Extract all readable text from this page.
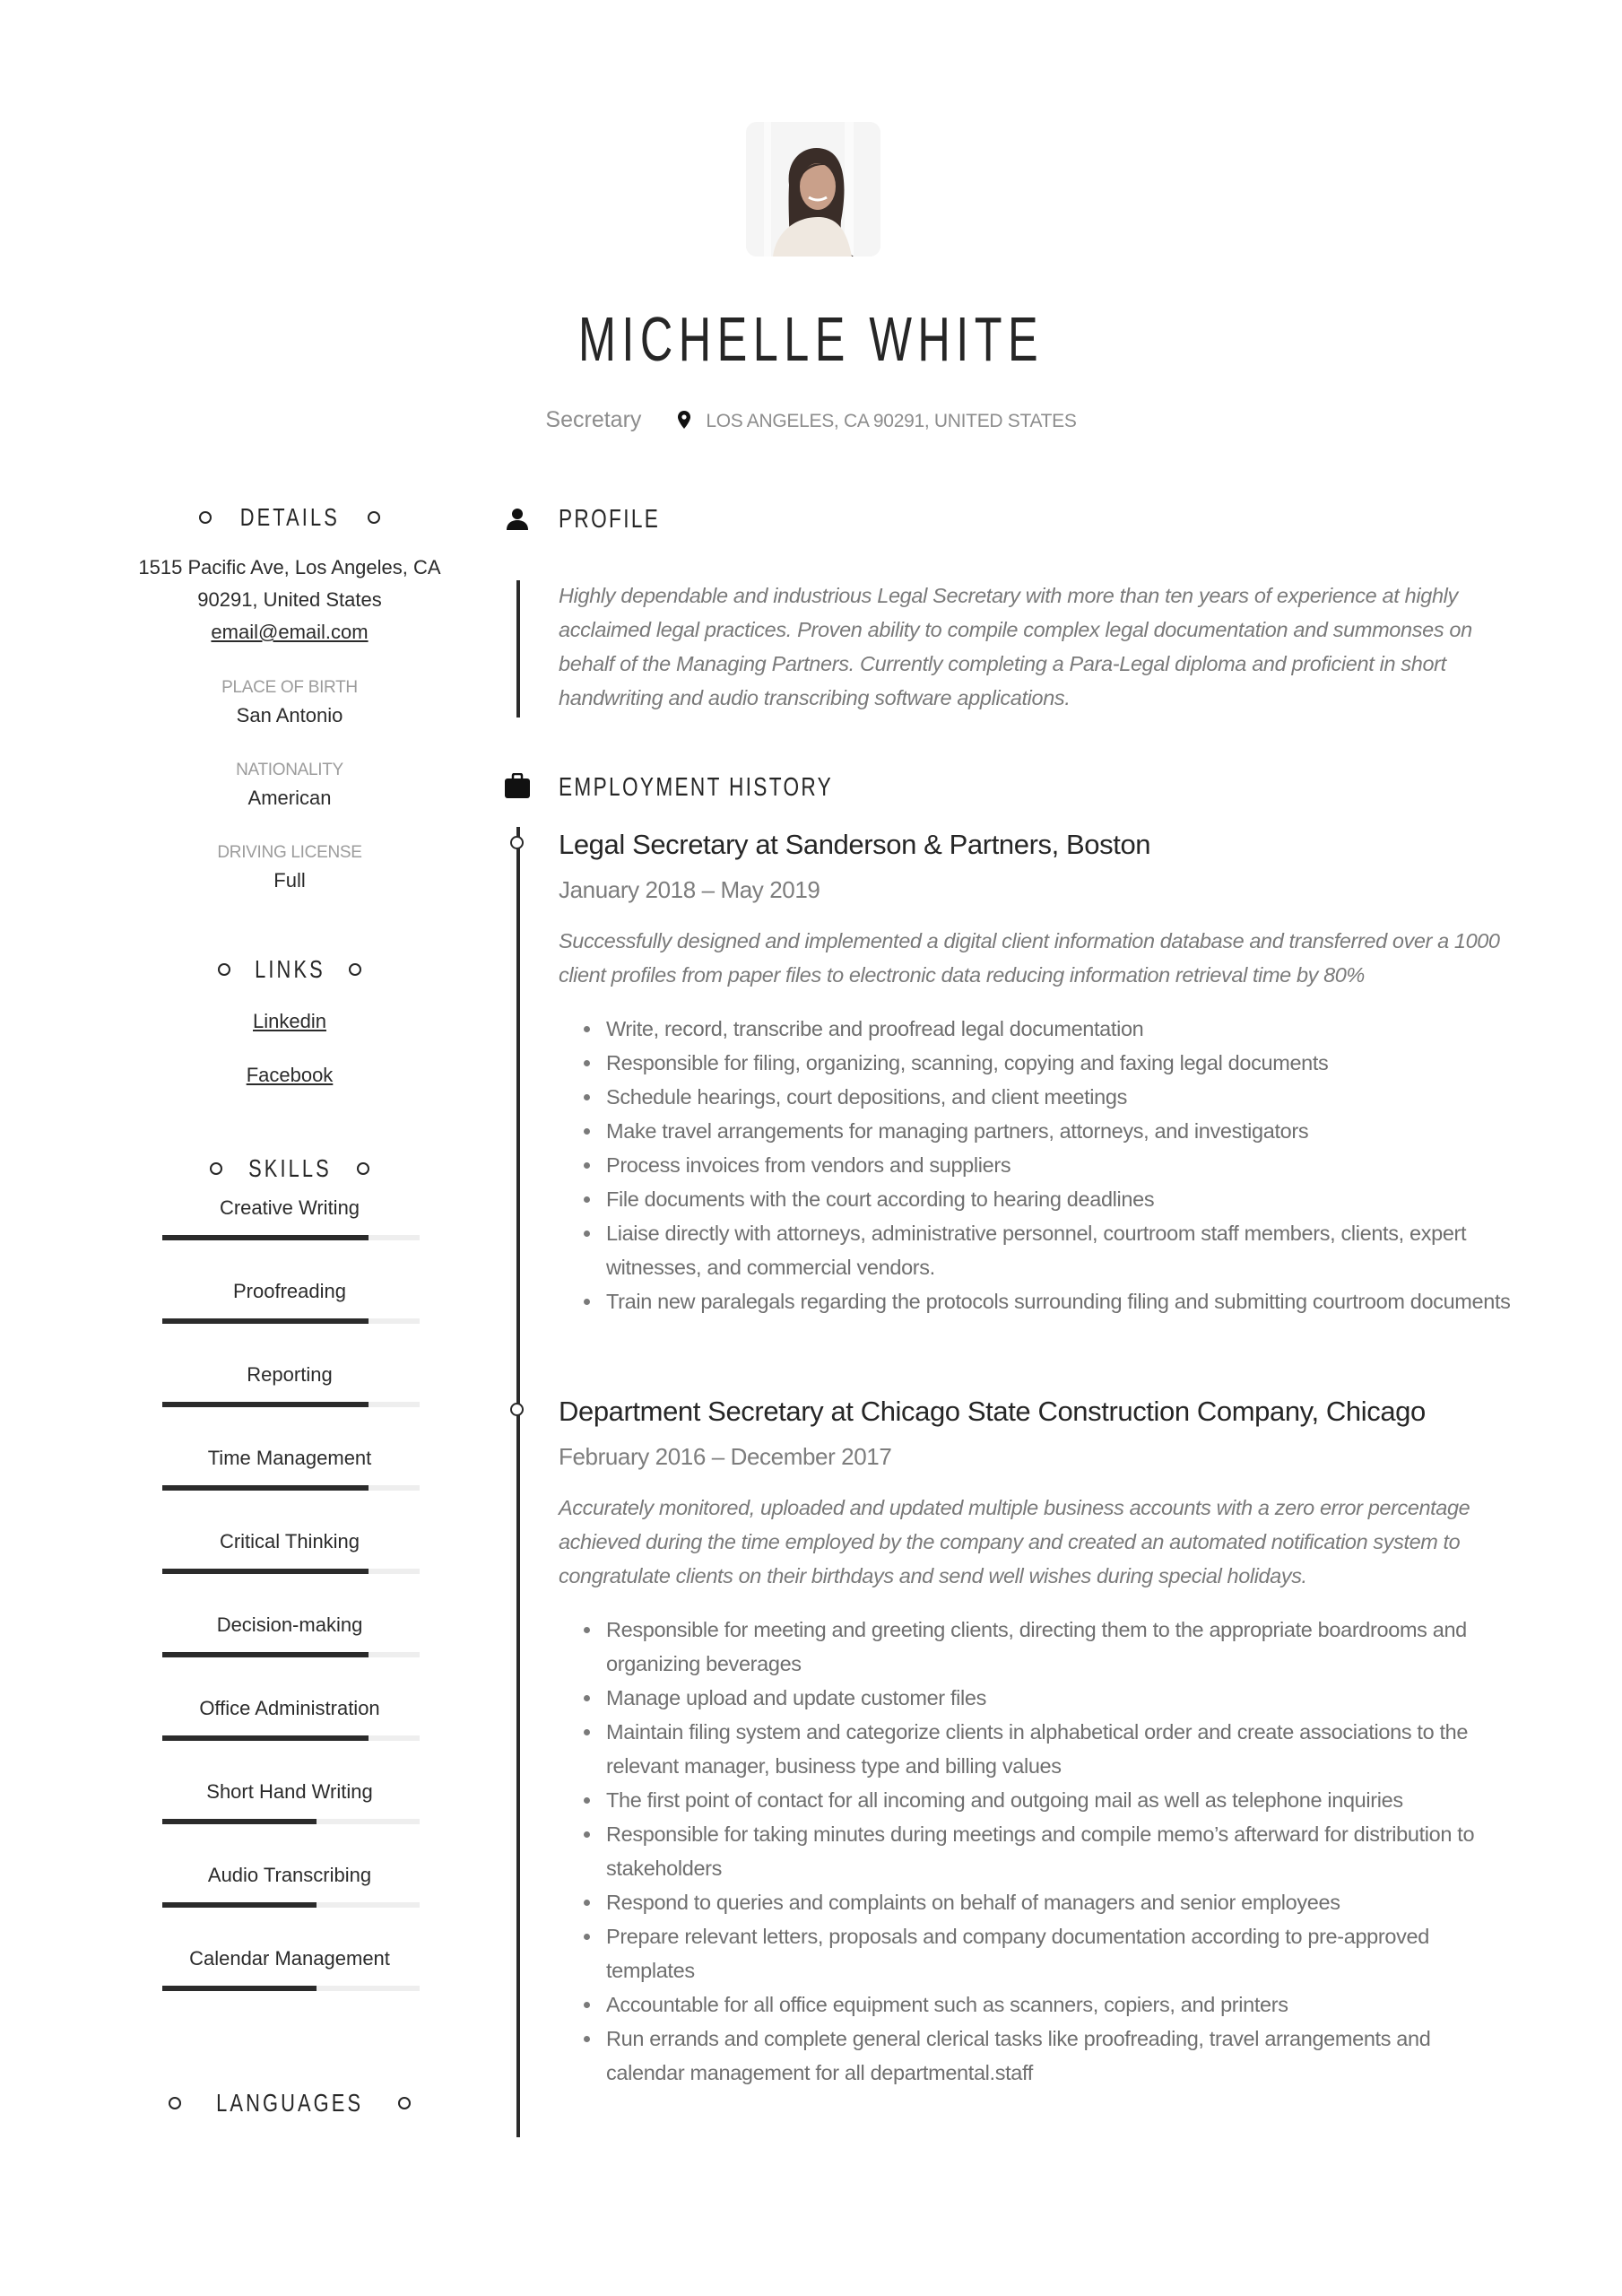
MICHELLE WHITE
Secretary	LOS ANGELES, CA 90291, UNITED STATES
DETAILS
1515 Pacific Ave, Los Angeles, CA
90291, United States
email@email.com
PLACE OF BIRTH
San Antonio
NATIONALITY
American
DRIVING LICENSE
Full
LINKS
Linkedin
Facebook
SKILLS
Creative Writing
Proofreading
Reporting
Time Management
Critical Thinking
Decision-making
Office Administration
Short Hand Writing
Audio Transcribing
Calendar Management
LANGUAGES
PROFILE
Highly dependable and industrious Legal Secretary with more than ten years of experience at highly acclaimed legal practices. Proven ability to compile complex legal documentation and summonses on behalf of the Managing Partners. Currently completing a Para-Legal diploma and proficient in short handwriting and audio transcribing software applications.
EMPLOYMENT HISTORY
Legal Secretary at Sanderson & Partners, Boston
January 2018 – May 2019
Successfully designed and implemented a digital client information database and transferred over a 1000 client profiles from paper files to electronic data reducing information retrieval time by 80%
Write, record, transcribe and proofread legal documentation
Responsible for filing, organizing, scanning, copying and faxing legal documents
Schedule hearings, court depositions, and client meetings
Make travel arrangements for managing partners, attorneys, and investigators
Process invoices from vendors and suppliers
File documents with the court according to hearing deadlines
Liaise directly with attorneys, administrative personnel, courtroom staff members, clients, expert witnesses, and commercial vendors.
Train new paralegals regarding the protocols surrounding filing and submitting courtroom documents
Department Secretary at Chicago State Construction Company, Chicago
February 2016 – December 2017
Accurately monitored, uploaded and updated multiple business accounts with a zero error percentage achieved during the time employed by the company and created an automated notification system to congratulate clients on their birthdays and send well wishes during special holidays.
Responsible for meeting and greeting clients, directing them to the appropriate boardrooms and organizing beverages
Manage upload and update customer files
Maintain filing system and categorize clients in alphabetical order and create associations to the relevant manager, business type and billing values
The first point of contact for all incoming and outgoing mail as well as telephone inquiries
Responsible for taking minutes during meetings and compile memo’s afterward for distribution to stakeholders
Respond to queries and complaints on behalf of managers and senior employees
Prepare relevant letters, proposals and company documentation according to pre-approved templates
Accountable for all office equipment such as scanners, copiers, and printers
Run errands and complete general clerical tasks like proofreading, travel arrangements and calendar management for all departmental.staff
